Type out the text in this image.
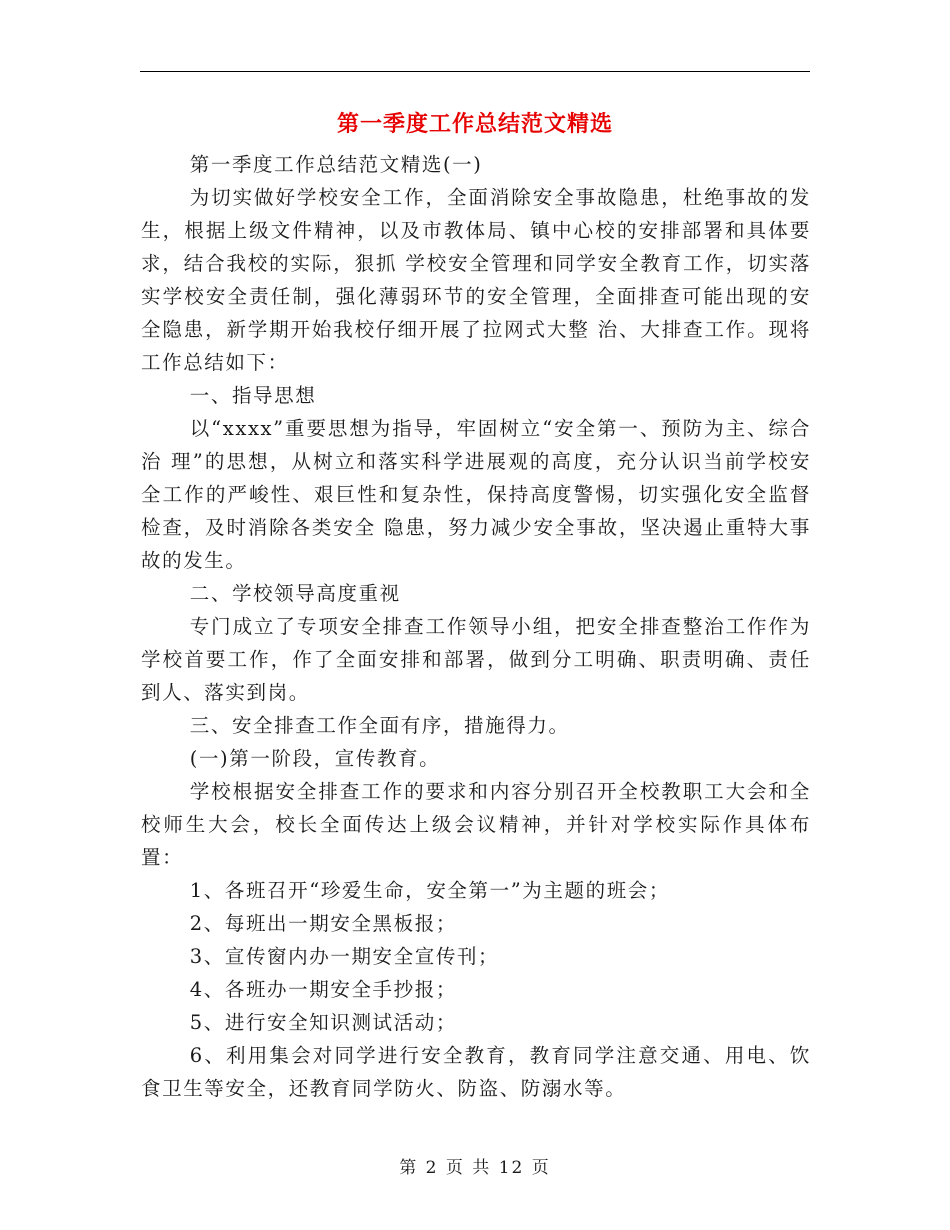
第一季度工作总结范文精选

第一季度工作总结范文精选(一)

为切实做好学校安全工作，全面消除安全事故隐患，杜绝事故的发生，根据上级文件精神，以及市教体局、镇中心校的安排部署和具体要求，结合我校的实际，狠抓 学校安全管理和同学安全教育工作，切实落实学校安全责任制，强化薄弱环节的安全管理，全面排查可能出现的安全隐患，新学期开始我校仔细开展了拉网式大整 治、大排查工作。现将工作总结如下：

一、指导思想

以“xxxx”重要思想为指导，牢固树立“安全第一、预防为主、综合治 理”的思想，从树立和落实科学进展观的高度，充分认识当前学校安全工作的严峻性、艰巨性和复杂性，保持高度警惕，切实强化安全监督检查，及时消除各类安全 隐患，努力减少安全事故，坚决遏止重特大事故的发生。

二、学校领导高度重视

专门成立了专项安全排查工作领导小组，把安全排查整治工作作为学校首要工作，作了全面安排和部署，做到分工明确、职责明确、责任到人、落实到岗。

三、安全排查工作全面有序，措施得力。

(一)第一阶段，宣传教育。

学校根据安全排查工作的要求和内容分别召开全校教职工大会和全校师生大会，校长全面传达上级会议精神，并针对学校实际作具体布置：

1、各班召开“珍爱生命，安全第一”为主题的班会；

2、每班出一期安全黑板报；

3、宣传窗内办一期安全宣传刊；

4、各班办一期安全手抄报；

5、进行安全知识测试活动；

6、利用集会对同学进行安全教育，教育同学注意交通、用电、饮食卫生等安全，还教育同学防火、防盗、防溺水等。

第 2 页 共 12 页
